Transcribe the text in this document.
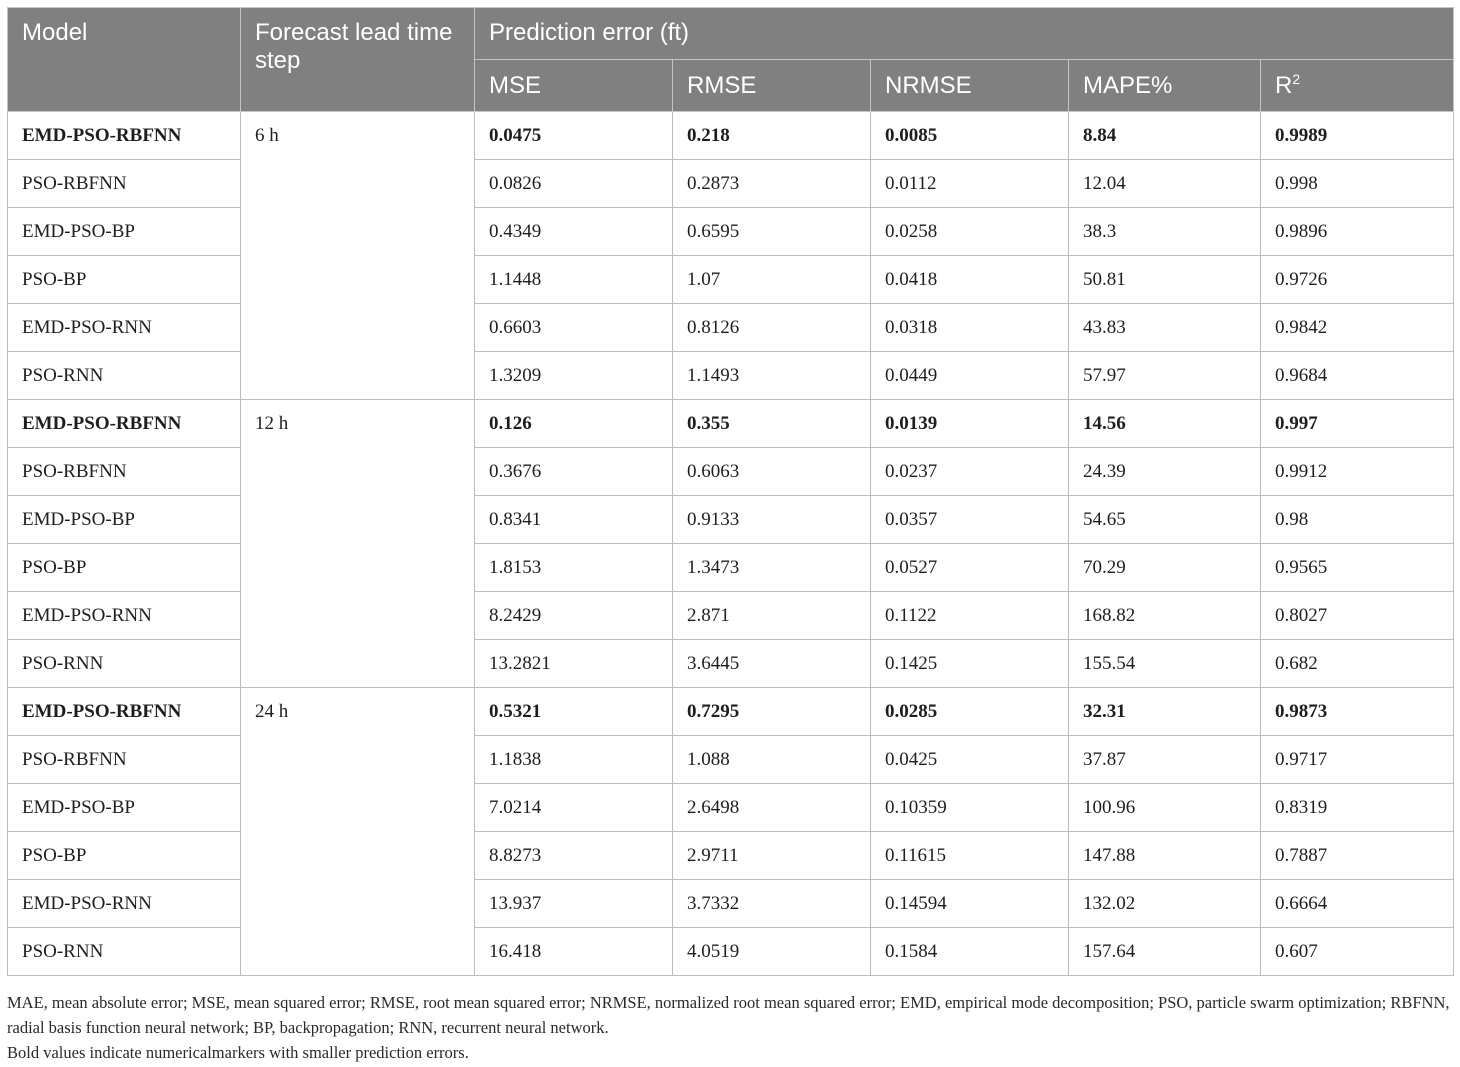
Model	Forecast lead time step	Prediction error (ft)				
		MSE	RMSE	NRMSE	MAPE%	$R^2$
EMD-PSO-RBFNN	6 h	0.0475	0.218	0.0085	8.84	0.9989
PSO-RBFNN		0.0826	0.2873	0.0112	12.04	0.998
EMD-PSO-BP		0.4349	0.6595	0.0258	38.3	0.9896
PSO-BP		1.1448	1.07	0.0418	50.81	0.9726
EMD-PSO-RNN		0.6603	0.8126	0.0318	43.83	0.9842
PSO-RNN		1.3209	1.1493	0.0449	57.97	0.9684
EMD-PSO-RBFNN	12 h	0.126	0.355	0.0139	14.56	0.997
PSO-RBFNN		0.3676	0.6063	0.0237	24.39	0.9912
EMD-PSO-BP		0.8341	0.9133	0.0357	54.65	0.98
PSO-BP		1.8153	1.3473	0.0527	70.29	0.9565
EMD-PSO-RNN		8.2429	2.871	0.1122	168.82	0.8027
PSO-RNN		13.2821	3.6445	0.1425	155.54	0.682
EMD-PSO-RBFNN	24 h	0.5321	0.7295	0.0285	32.31	0.9873
PSO-RBFNN		1.1838	1.088	0.0425	37.87	0.9717
EMD-PSO-BP		7.0214	2.6498	0.10359	100.96	0.8319
PSO-BP		8.8273	2.9711	0.11615	147.88	0.7887
EMD-PSO-RNN		13.937	3.7332	0.14594	132.02	0.6664
PSO-RNN		16.418	4.0519	0.1584	157.64	0.607

MAE, mean absolute error; MSE, mean squared error; RMSE, root mean squared error; NRMSE, normalized root mean squared error; EMD, empirical mode decomposition; PSO, particle swarm optimization; RBFNN, radial basis function neural network; BP, backpropagation; RNN, recurrent neural network.

Bold values indicate numericalmarkers with smaller prediction errors.
